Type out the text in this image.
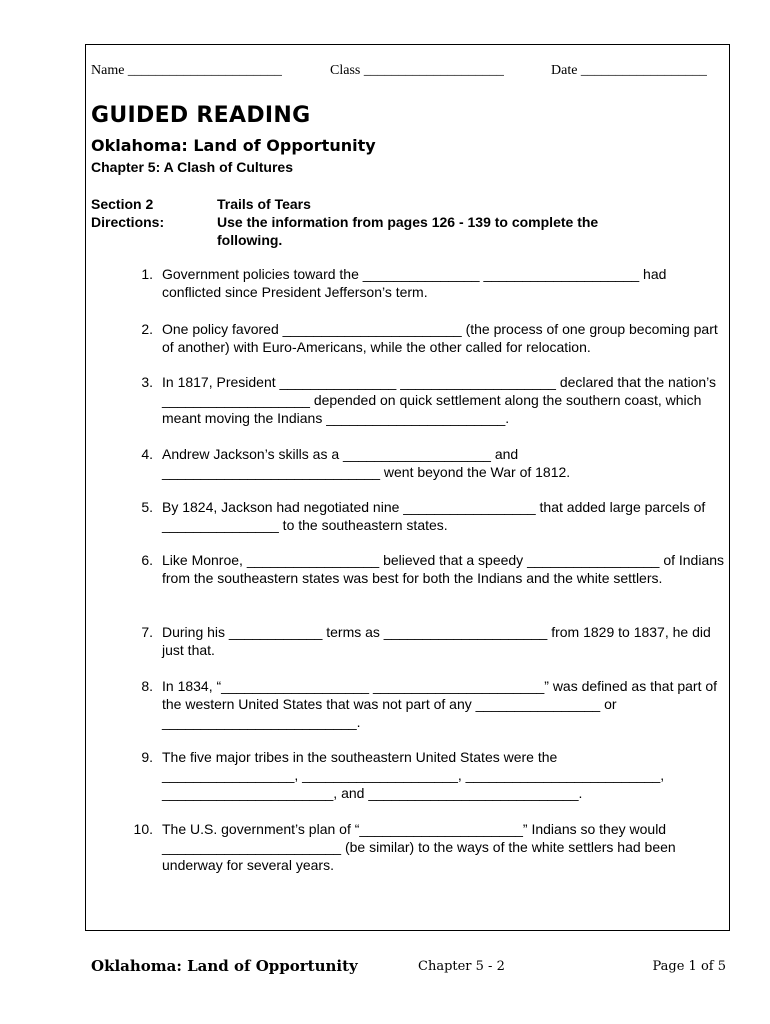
Name ______________________	Class ____________________	Date __________________
GUIDED READING
Oklahoma: Land of Opportunity
Chapter 5: A Clash of Cultures
Section 2	Trails of Tears
Directions:	Use the information from pages 126 - 139 to complete the following.
1. Government policies toward the _______________ ____________________ had conflicted since President Jefferson’s term.
2. One policy favored _______________________ (the process of one group becoming part of another) with Euro-Americans, while the other called for relocation.
3. In 1817, President _______________ ____________________ declared that the nation’s ___________________ depended on quick settlement along the southern coast, which meant moving the Indians _______________________.
4. Andrew Jackson’s skills as a ___________________ and ____________________________ went beyond the War of 1812.
5. By 1824, Jackson had negotiated nine _________________ that added large parcels of _______________ to the southeastern states.
6. Like Monroe, _________________ believed that a speedy _________________ of Indians from the southeastern states was best for both the Indians and the white settlers.
7. During his ____________ terms as _____________________ from 1829 to 1837, he did just that.
8. In 1834, “___________________ ______________________” was defined as that part of the western United States that was not part of any ________________ or _________________________.
9. The five major tribes in the southeastern United States were the
_________________, ____________________, _________________________,
______________________, and ___________________________.
10. The U.S. government’s plan of “_____________________” Indians so they would _______________________ (be similar) to the ways of the white settlers had been underway for several years.
Oklahoma: Land of Opportunity	Chapter 5 - 2	Page 1 of 5
